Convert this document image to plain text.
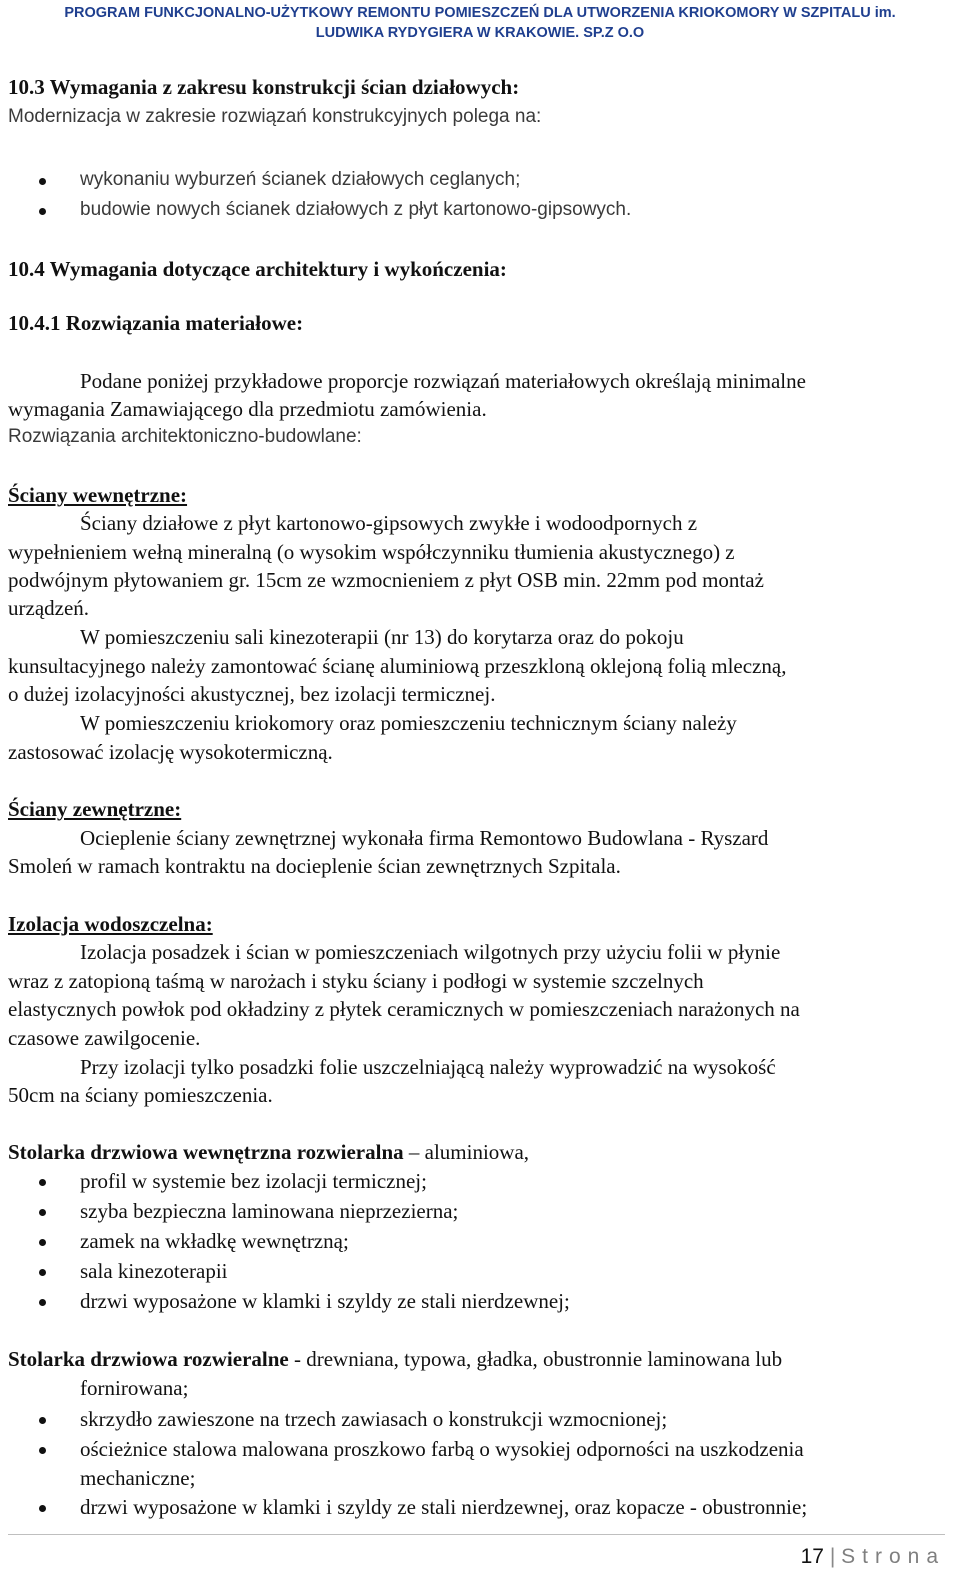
PROGRAM FUNKCJONALNO-UŻYTKOWY REMONTU POMIESZCZEŃ DLA UTWORZENIA KRIOKOMORY W SZPITALU im.
LUDWIKA RYDYGIERA W KRAKOWIE. SP.Z O.O
10.3 Wymagania z zakresu konstrukcji ścian działowych:
Modernizacja w zakresie rozwiązań konstrukcyjnych polega na:
wykonaniu wyburzeń ścianek działowych ceglanych;
budowie nowych ścianek działowych z płyt kartonowo-gipsowych.
10.4 Wymagania dotyczące architektury i wykończenia:
10.4.1 Rozwiązania materiałowe:
Podane poniżej przykładowe proporcje rozwiązań materiałowych określają minimalne
wymagania Zamawiającego dla przedmiotu zamówienia.
Rozwiązania architektoniczno-budowlane:
Ściany wewnętrzne:
Ściany działowe z płyt kartonowo-gipsowych zwykłe i wodoodpornych z
wypełnieniem wełną mineralną (o wysokim współczynniku tłumienia akustycznego) z
podwójnym płytowaniem gr. 15cm ze wzmocnieniem z płyt OSB min. 22mm pod montaż
urządzeń.
W pomieszczeniu sali kinezoterapii (nr 13) do korytarza oraz do pokoju
kunsultacyjnego należy zamontować ścianę aluminiową przeszkloną oklejoną folią mleczną,
o dużej izolacyjności akustycznej, bez izolacji termicznej.
W pomieszczeniu kriokomory oraz pomieszczeniu technicznym ściany należy
zastosować izolację wysokotermiczną.
Ściany zewnętrzne:
Ocieplenie ściany zewnętrznej wykonała firma Remontowo Budowlana - Ryszard
Smoleń w ramach kontraktu na docieplenie ścian zewnętrznych Szpitala.
Izolacja wodoszczelna:
Izolacja posadzek i ścian w pomieszczeniach wilgotnych przy użyciu folii w płynie
wraz z zatopioną taśmą w narożach i styku ściany i podłogi w systemie szczelnych
elastycznych powłok pod okładziny z płytek ceramicznych w pomieszczeniach narażonych na
czasowe zawilgocenie.
Przy izolacji tylko posadzki folie uszczelniającą należy wyprowadzić na wysokość
50cm na ściany pomieszczenia.
Stolarka drzwiowa wewnętrzna rozwieralna – aluminiowa,
profil w systemie bez izolacji termicznej;
szyba bezpieczna laminowana nieprzezierna;
zamek na wkładkę wewnętrzną;
sala kinezoterapii
drzwi wyposażone w klamki i szyldy ze stali nierdzewnej;
Stolarka drzwiowa rozwieralne - drewniana, typowa, gładka, obustronnie laminowana lub
fornirowana;
skrzydło zawieszone na trzech zawiasach o konstrukcji wzmocnionej;
ościeżnice stalowa malowana proszkowo farbą o wysokiej odporności na uszkodzenia
mechaniczne;
drzwi wyposażone w klamki i szyldy ze stali nierdzewnej, oraz kopacze - obustronnie;
17 | Strona
